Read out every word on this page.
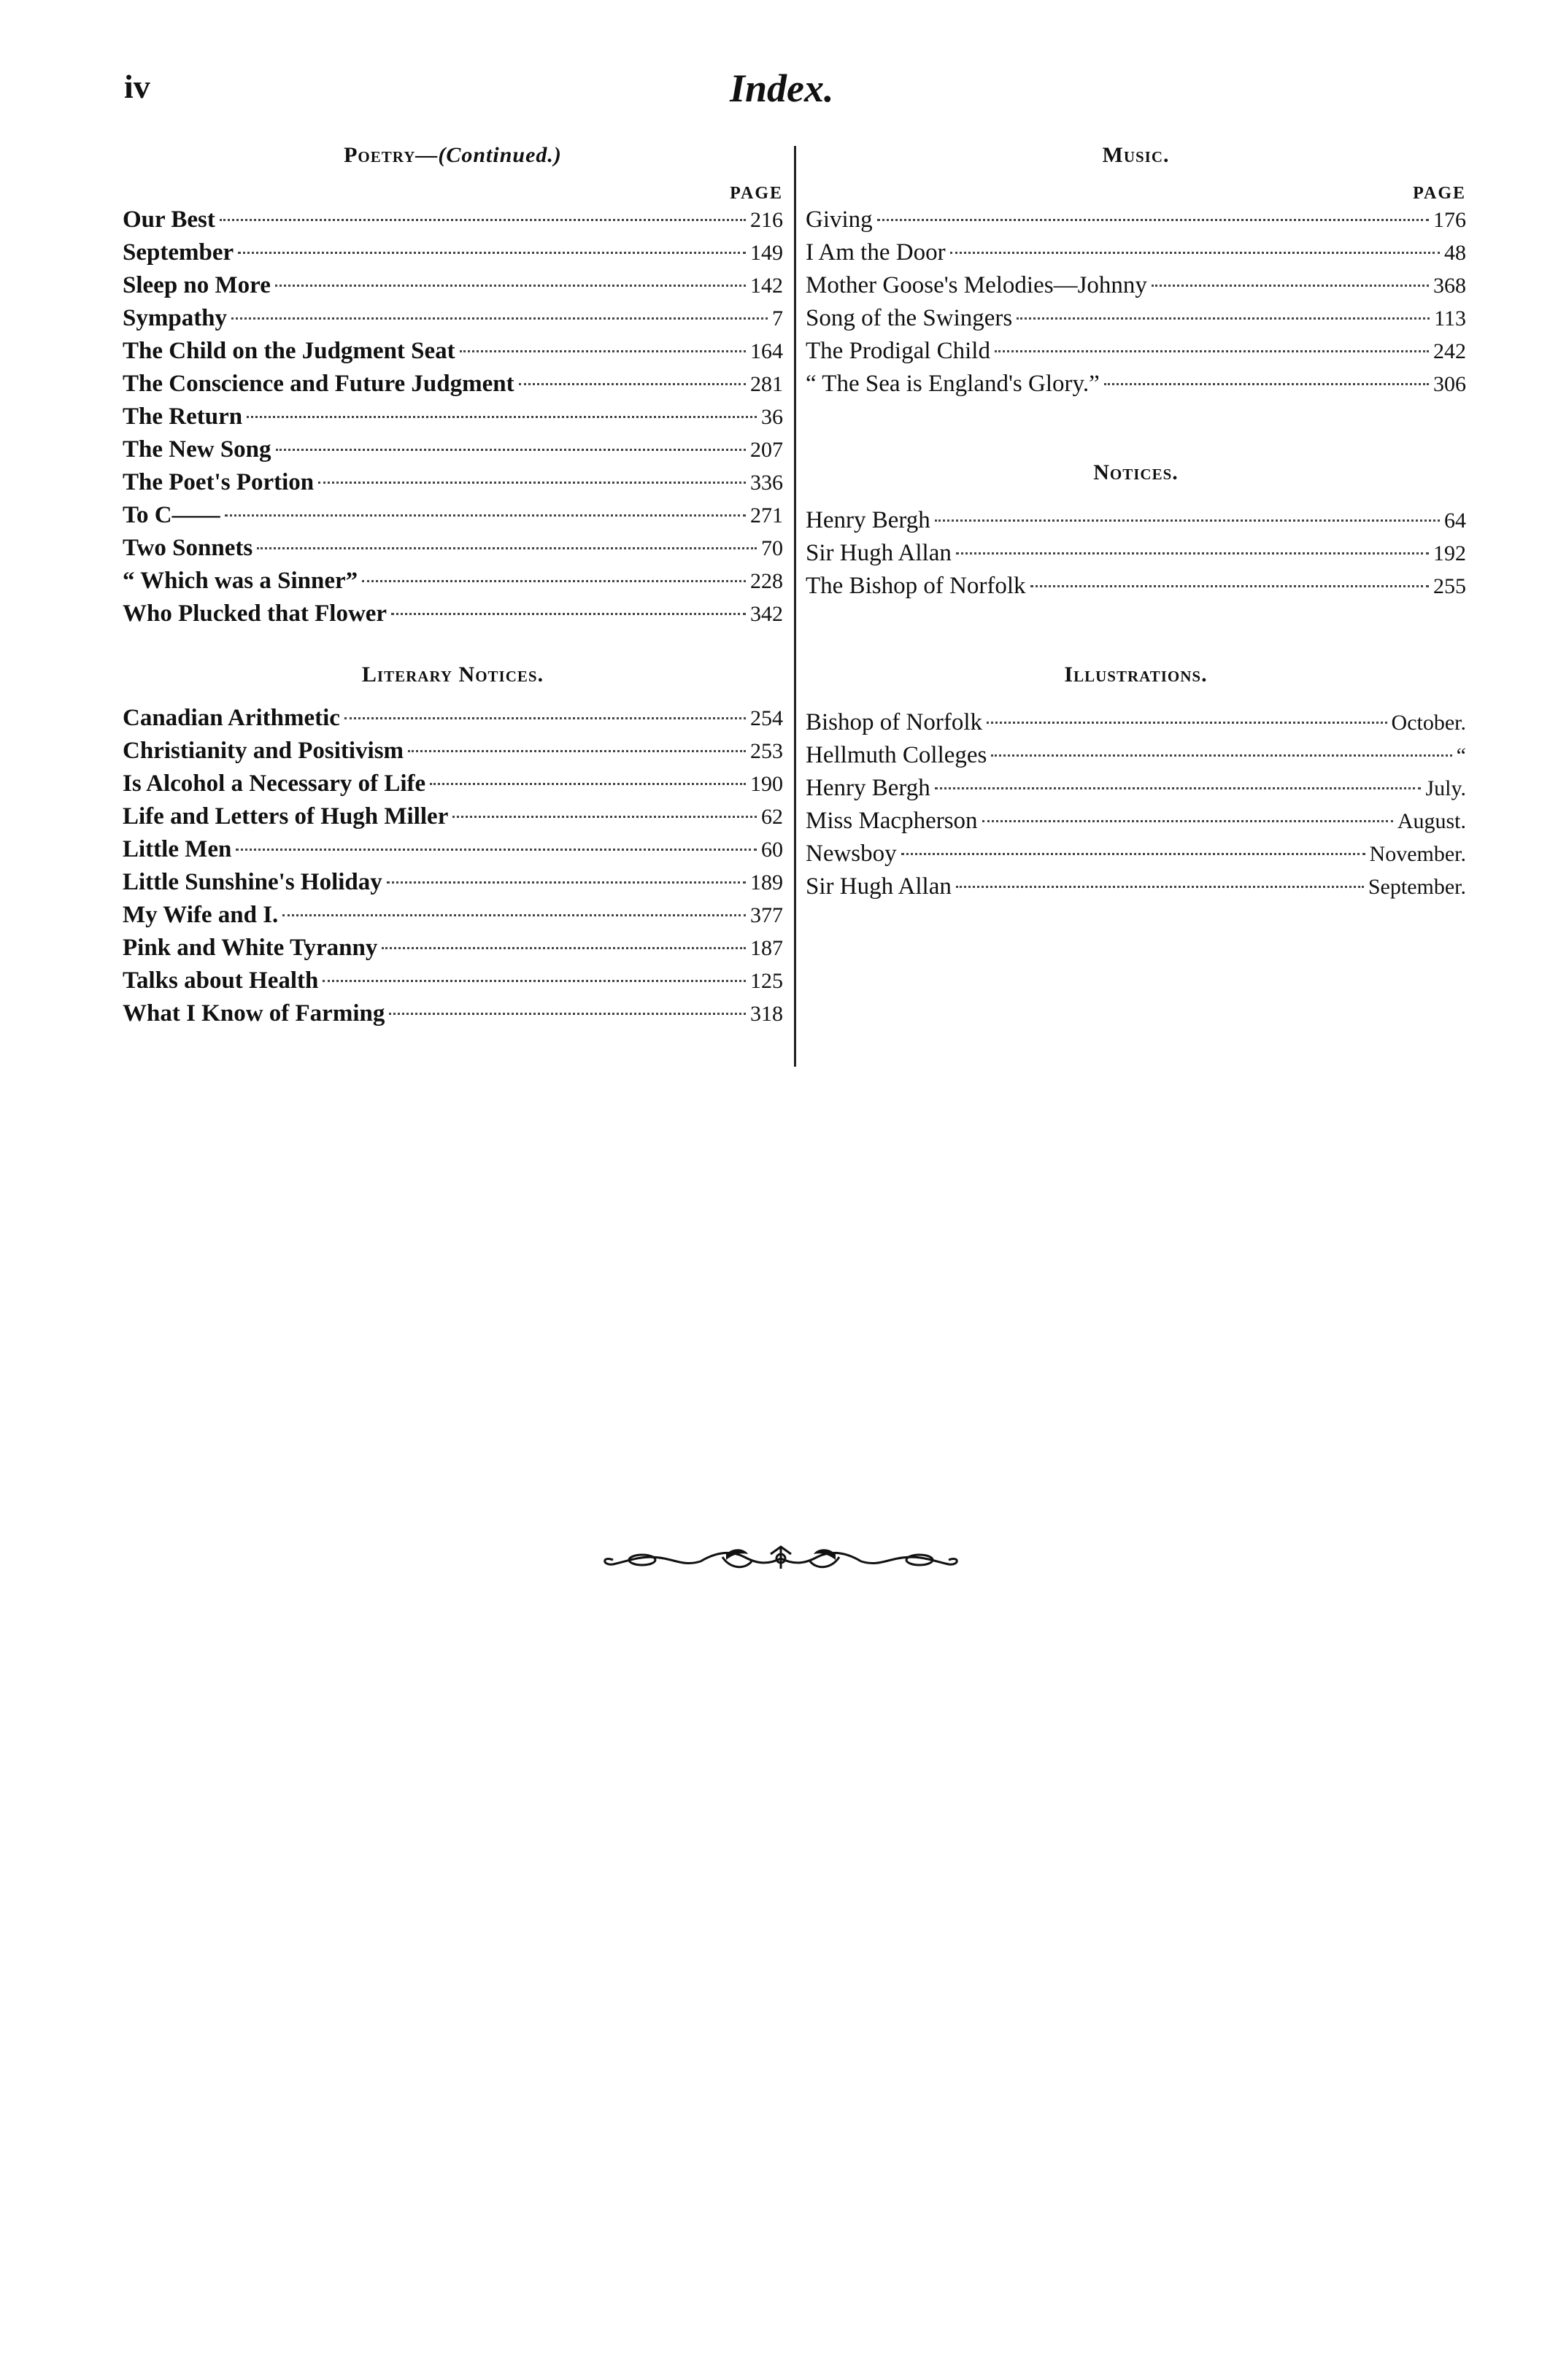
iv	Index.
Poetry—(Continued.)
PAGE
Our Best	216
September	149
Sleep no More	142
Sympathy	7
The Child on the Judgment Seat	164
The Conscience and Future Judgment	281
The Return	36
The New Song	207
The Poet's Portion	336
To C——	271
Two Sonnets	70
“ Which was a Sinner”	228
Who Plucked that Flower	342
Literary Notices.
Canadian Arithmetic	254
Christianity and Positivism	253
Is Alcohol a Necessary of Life	190
Life and Letters of Hugh Miller	62
Little Men	60
Little Sunshine's Holiday	189
My Wife and I.	377
Pink and White Tyranny	187
Talks about Health	125
What I Know of Farming	318
Music.
PAGE
Giving	176
I Am the Door	48
Mother Goose's Melodies—Johnny	368
Song of the Swingers	113
The Prodigal Child	242
“ The Sea is England's Glory.”	306
Notices.
Henry Bergh	64
Sir Hugh Allan	192
The Bishop of Norfolk	255
Illustrations.
Bishop of Norfolk	October.
Hellmuth Colleges	“
Henry Bergh	July.
Miss Macpherson	August.
Newsboy	November.
Sir Hugh Allan	September.
